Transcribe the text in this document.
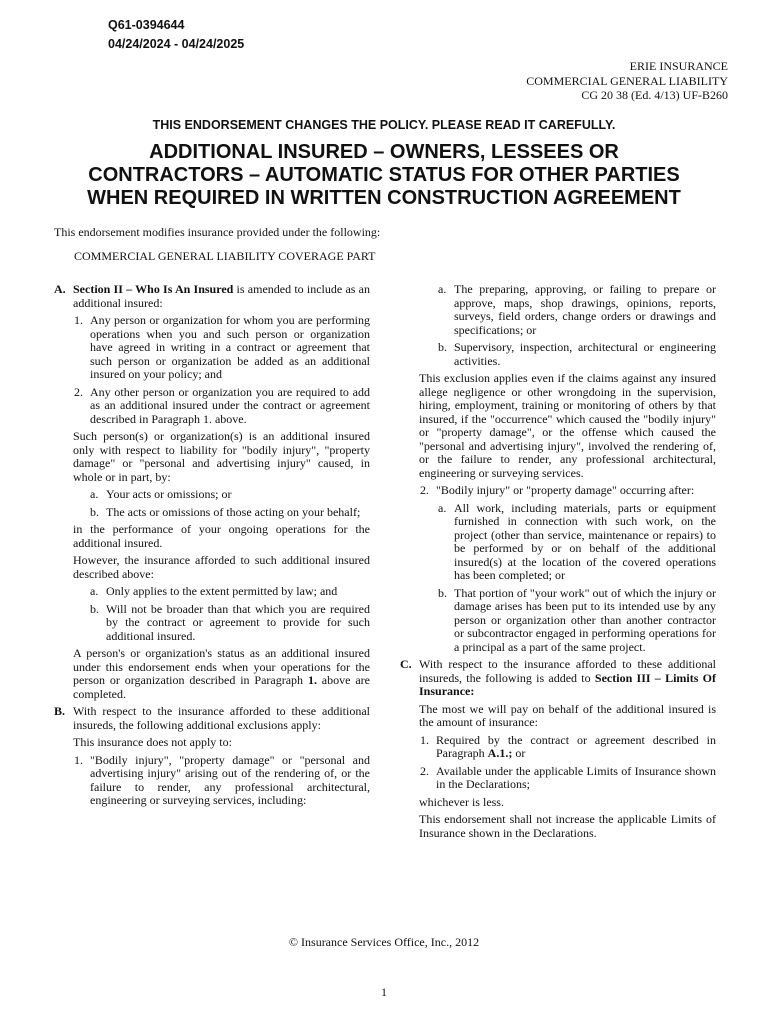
Q61-0394644
04/24/2024 - 04/24/2025
ERIE INSURANCE
COMMERCIAL GENERAL LIABILITY
CG 20 38 (Ed. 4/13) UF-B260
THIS ENDORSEMENT CHANGES THE POLICY. PLEASE READ IT CAREFULLY.
ADDITIONAL INSURED – OWNERS, LESSEES OR
CONTRACTORS – AUTOMATIC STATUS FOR OTHER PARTIES
WHEN REQUIRED IN WRITTEN CONSTRUCTION AGREEMENT
This endorsement modifies insurance provided under the following:
COMMERCIAL GENERAL LIABILITY COVERAGE PART
A. Section II – Who Is An Insured is amended to include as an additional insured:
1. Any person or organization for whom you are performing operations when you and such person or organization have agreed in writing in a contract or agreement that such person or organization be added as an additional insured on your policy; and
2. Any other person or organization you are required to add as an additional insured under the contract or agreement described in Paragraph 1. above.
Such person(s) or organization(s) is an additional insured only with respect to liability for "bodily injury", "property damage" or "personal and advertising injury" caused, in whole or in part, by:
a. Your acts or omissions; or
b. The acts or omissions of those acting on your behalf;
in the performance of your ongoing operations for the additional insured.
However, the insurance afforded to such additional insured described above:
a. Only applies to the extent permitted by law; and
b. Will not be broader than that which you are required by the contract or agreement to provide for such additional insured.
A person's or organization's status as an additional insured under this endorsement ends when your operations for the person or organization described in Paragraph 1. above are completed.
B. With respect to the insurance afforded to these additional insureds, the following additional exclusions apply:
This insurance does not apply to:
1. "Bodily injury", "property damage" or "personal and advertising injury" arising out of the rendering of, or the failure to render, any professional architectural, engineering or surveying services, including:
a. The preparing, approving, or failing to prepare or approve, maps, shop drawings, opinions, reports, surveys, field orders, change orders or drawings and specifications; or
b. Supervisory, inspection, architectural or engineering activities.
This exclusion applies even if the claims against any insured allege negligence or other wrongdoing in the supervision, hiring, employment, training or monitoring of others by that insured, if the "occurrence" which caused the "bodily injury" or "property damage", or the offense which caused the "personal and advertising injury", involved the rendering of, or the failure to render, any professional architectural, engineering or surveying services.
2. "Bodily injury" or "property damage" occurring after:
a. All work, including materials, parts or equipment furnished in connection with such work, on the project (other than service, maintenance or repairs) to be performed by or on behalf of the additional insured(s) at the location of the covered operations has been completed; or
b. That portion of "your work" out of which the injury or damage arises has been put to its intended use by any person or organization other than another contractor or subcontractor engaged in performing operations for a principal as a part of the same project.
C. With respect to the insurance afforded to these additional insureds, the following is added to Section III – Limits Of Insurance:
The most we will pay on behalf of the additional insured is the amount of insurance:
1. Required by the contract or agreement described in Paragraph A.1.; or
2. Available under the applicable Limits of Insurance shown in the Declarations;
whichever is less.
This endorsement shall not increase the applicable Limits of Insurance shown in the Declarations.
© Insurance Services Office, Inc., 2012
1
